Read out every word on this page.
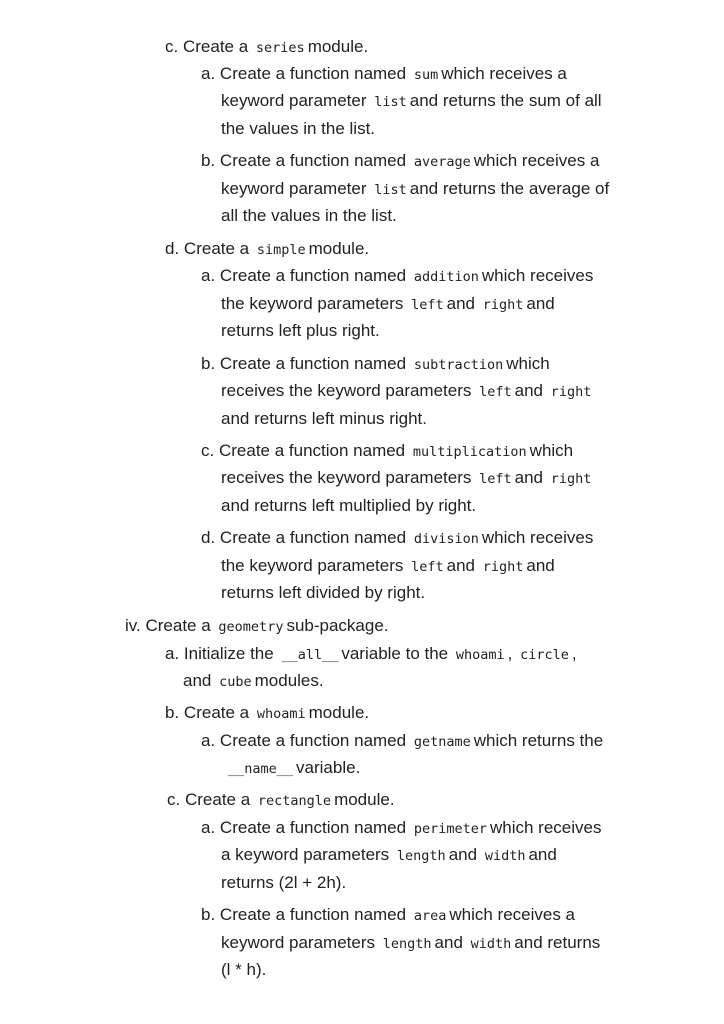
c. Create a series module.
a. Create a function named sum which receives a
keyword parameter list and returns the sum of all
the values in the list.
b. Create a function named average which receives a
keyword parameter list and returns the average of
all the values in the list.
d. Create a simple module.
a. Create a function named addition which receives
the keyword parameters left and right and
returns left plus right.
b. Create a function named subtraction which
receives the keyword parameters left and right
and returns left minus right.
c. Create a function named multiplication which
receives the keyword parameters left and right
and returns left multiplied by right.
d. Create a function named division which receives
the keyword parameters left and right and
returns left divided by right.
iv. Create a geometry sub-package.
a. Initialize the __all__ variable to the whoami , circle ,
and cube modules.
b. Create a whoami module.
a. Create a function named getname which returns the
__name__ variable.
c. Create a rectangle module.
a. Create a function named perimeter which receives
a keyword parameters length and width and
returns (2l + 2h).
b. Create a function named area which receives a
keyword parameters length and width and returns
(l * h).
